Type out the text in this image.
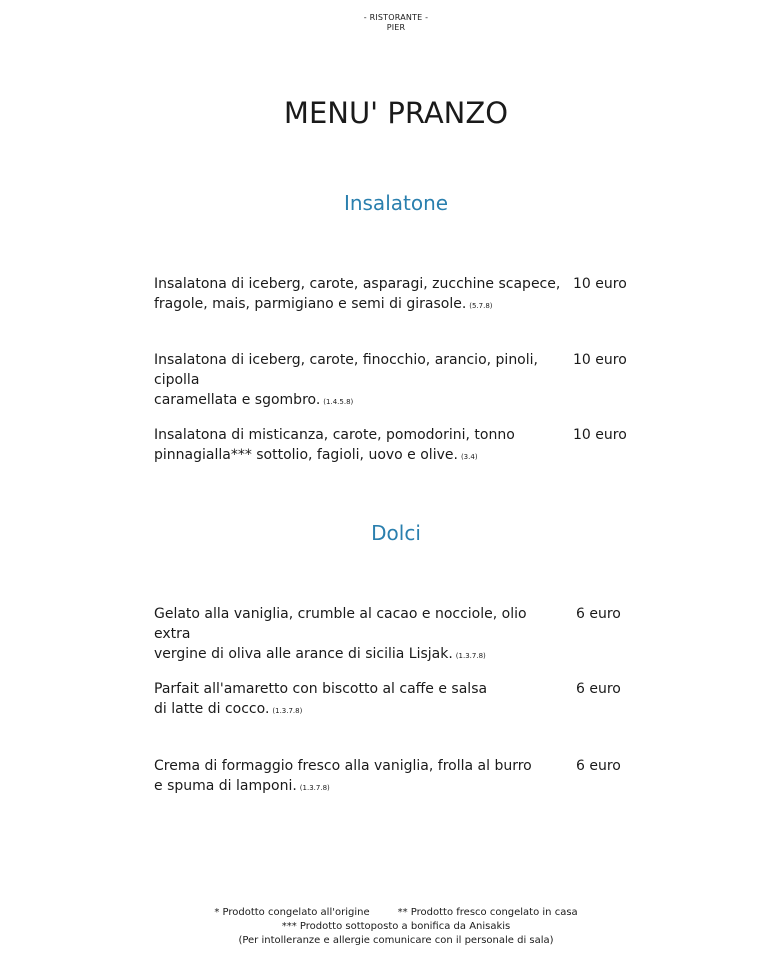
- RISTORANTE -
PIER
MENU' PRANZO
Insalatone
Insalatona di iceberg, carote, asparagi, zucchine scapece,
fragole, mais, parmigiano e semi di girasole. (5.7.8)
10 euro
Insalatona di iceberg, carote, finocchio, arancio, pinoli, cipolla
caramellata e sgombro. (1.4.5.8)
10 euro
Insalatona di misticanza, carote, pomodorini, tonno
pinnagialla*** sottolio, fagioli, uovo e olive. (3.4)
10 euro
Dolci
Gelato alla vaniglia, crumble al cacao e nocciole, olio extra
vergine di oliva alle arance di sicilia Lisjak. (1.3.7.8)
6 euro
Parfait all'amaretto con biscotto al caffe e salsa
di latte di cocco. (1.3.7.8)
6 euro
Crema di formaggio fresco alla vaniglia, frolla al burro
e spuma di lamponi. (1.3.7.8)
6 euro
* Prodotto congelato all'origine	** Prodotto fresco congelato in casa
*** Prodotto sottoposto a bonifica da Anisakis
(Per intolleranze e allergie comunicare con il personale di sala)
